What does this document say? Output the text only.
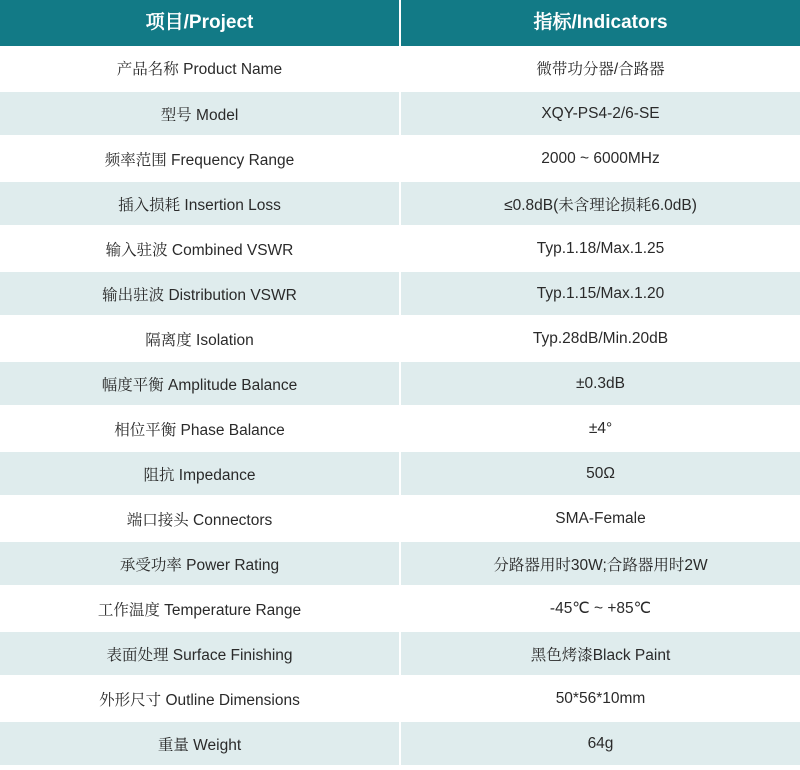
项目/Project	指标/Indicators
产品名称 Product Name	微带功分器/合路器
型号 Model	XQY-PS4-2/6-SE
频率范围 Frequency Range	2000 ~ 6000MHz
插入损耗 Insertion Loss	≤0.8dB(未含理论损耗6.0dB)
输入驻波 Combined VSWR	Typ.1.18/Max.1.25
输出驻波 Distribution VSWR	Typ.1.15/Max.1.20
隔离度 Isolation	Typ.28dB/Min.20dB
幅度平衡 Amplitude Balance	±0.3dB
相位平衡 Phase Balance	±4°
阻抗 Impedance	50Ω
端口接头 Connectors	SMA-Female
承受功率 Power Rating	分路器用时30W;合路器用时2W
工作温度 Temperature Range	-45℃ ~ +85℃
表面处理 Surface Finishing	黑色烤漆Black Paint
外形尺寸 Outline Dimensions	50*56*10mm
重量 Weight	64g
